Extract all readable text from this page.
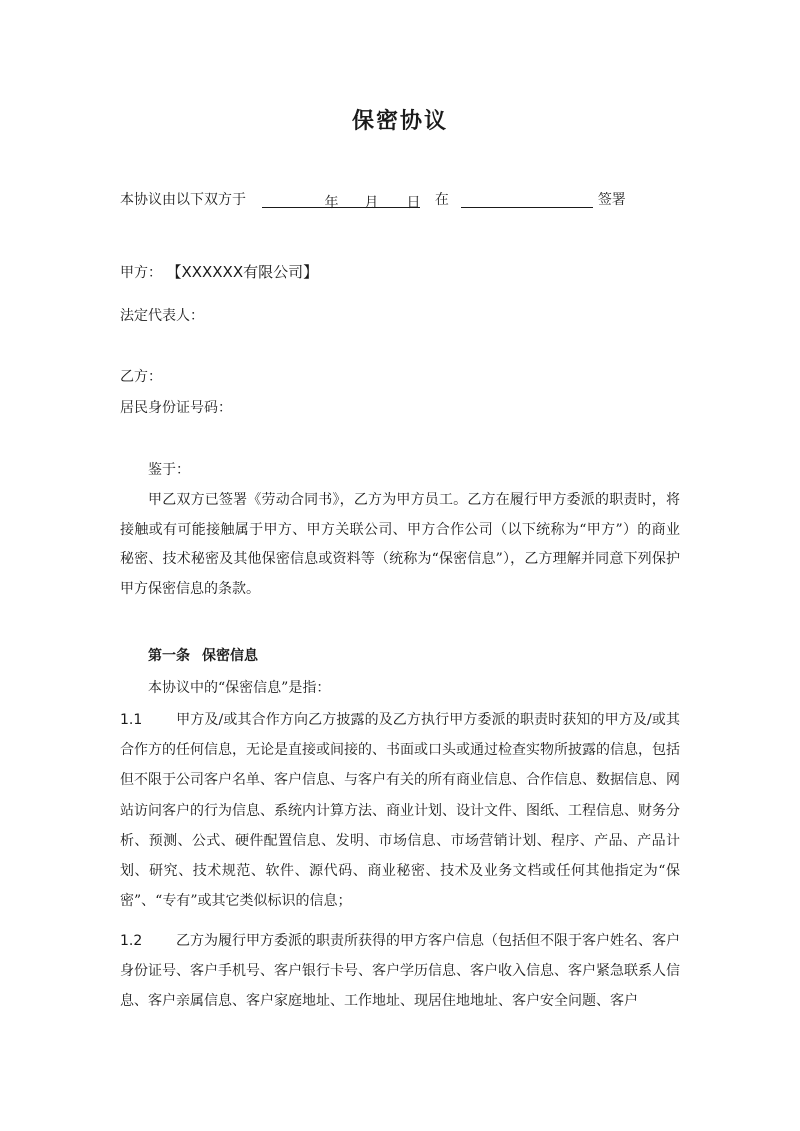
保密协议
本协议由以下双方于	年 月 日 在	签署
甲方： 【XXXXXX有限公司】
法定代表人：
乙方：
居民身份证号码：
鉴于：
甲乙双方已签署《劳动合同书》，乙方为甲方员工。乙方在履行甲方委派的职责时，将接触或有可能接触属于甲方、甲方关联公司、甲方合作公司（以下统称为“甲方”）的商业秘密、技术秘密及其他保密信息或资料等（统称为“保密信息”），乙方理解并同意下列保护甲方保密信息的条款。
第一条 保密信息
本协议中的“保密信息”是指：
1.1 甲方及/或其合作方向乙方披露的及乙方执行甲方委派的职责时获知的甲方及/或其合作方的任何信息，无论是直接或间接的、书面或口头或通过检查实物所披露的信息，包括但不限于公司客户名单、客户信息、与客户有关的所有商业信息、合作信息、数据信息、网站访问客户的行为信息、系统内计算方法、商业计划、设计文件、图纸、工程信息、财务分析、预测、公式、硬件配置信息、发明、市场信息、市场营销计划、程序、产品、产品计划、研究、技术规范、软件、源代码、商业秘密、技术及业务文档或任何其他指定为“保密”、“专有”或其它类似标识的信息；
1.2 乙方为履行甲方委派的职责所获得的甲方客户信息（包括但不限于客户姓名、客户身份证号、客户手机号、客户银行卡号、客户学历信息、客户收入信息、客户紧急联系人信息、客户亲属信息、客户家庭地址、工作地址、现居住地地址、客户安全问题、客户
